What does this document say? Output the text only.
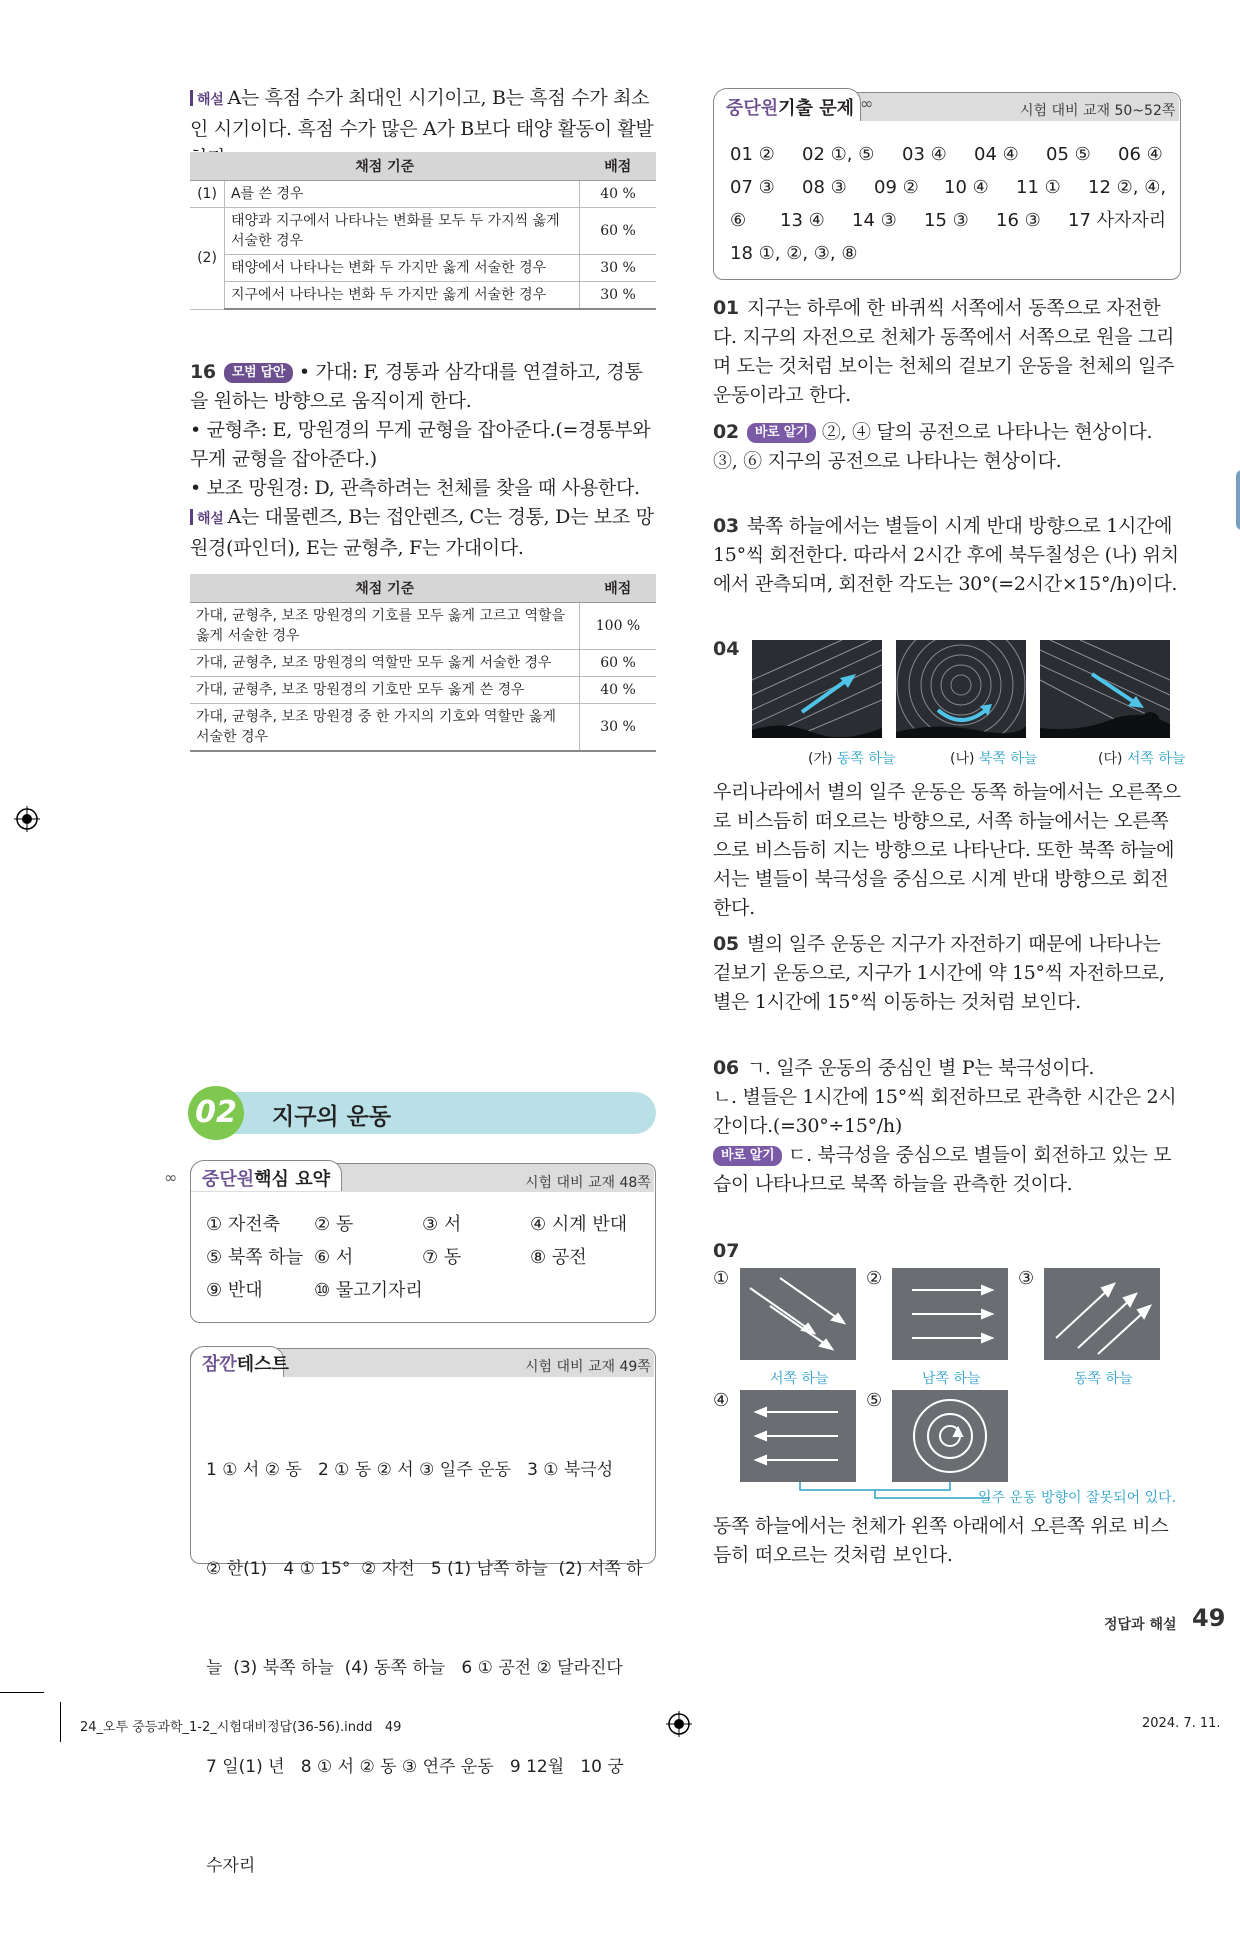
해설 A는 흑점 수가 최대인 시기이고, B는 흑점 수가 최소인 시기이다. 흑점 수가 많은 A가 B보다 태양 활동이 활발
채점 기준		배점
(1)	A를 쓴 경우	40 %
(2)	태양과 지구에서 나타나는 변화를 모두 두 가지씩 옳게 서술한 경우	60 %
	태양에서 나타나는 변화 두 가지만 옳게 서술한 경우	30 %
	지구에서 나타나는 변화 두 가지만 옳게 서술한 경우	30 %
16 모범 답안 • 가대: F, 경통과 삼각대를 연결하고, 경통을 원하는 방향으로 움직이게 한다.
• 균형추: E, 망원경의 무게 균형을 잡아준다.(=경통부와 무게 균형을 잡아준다.)
• 보조 망원경: D, 관측하려는 천체를 찾을 때 사용한다.
해설 A는 대물렌즈, B는 접안렌즈, C는 경통, D는 보조 망원경(파인더), E는 균형추, F는 가대이다.
채점 기준	배점
가대, 균형추, 보조 망원경의 기호를 모두 옳게 고르고 역할을 옳게 서술한 경우	100 %
가대, 균형추, 보조 망원경의 역할만 모두 옳게 서술한 경우	60 %
가대, 균형추, 보조 망원경의 기호만 모두 옳게 쓴 경우	40 %
가대, 균형추, 보조 망원경 중 한 가지의 기호와 역할만 옳게 서술한 경우	30 %
02	지구의 운동
중단원핵심 요약
∞	시험 대비 교재 48쪽
① 자전축 ② 동	③ 서	④ 시계 반대
⑤ 북쪽 하늘 ⑥ 서	⑦ 동	⑧ 공전
⑨ 반대	⑩ 물고기자리
잠깐테스트	시험 대비 교재 49쪽

1 ① 서 ② 동   2 ① 동 ② 서 ③ 일주 운동   3 ① 북극성

② 한(1)   4 ① 15°  ② 자전   5 (1) 남쪽 하늘  (2) 서쪽 하

늘  (3) 북쪽 하늘  (4) 동쪽 하늘   6 ① 공전 ② 달라진다

7 일(1) 년   8 ① 서 ② 동 ③ 연주 운동   9 12월   10 궁

수자리

중단원기출 문제 ∞	시험 대비 교재 50~52쪽
01 ② 02 ①, ⑤ 03 ④ 04 ④ 05 ⑤ 06 ④
07 ③ 08 ③ 09 ② 10 ④ 11 ① 12 ②, ④,
⑥ 13 ④ 14 ③ 15 ③ 16 ③ 17 사자자리
18 ①, ②, ③, ⑧
01 지구는 하루에 한 바퀴씩 서쪽에서 동쪽으로 자전한다. 지구의 자전으로 천체가 동쪽에서 서쪽으로 원을 그리며 도는 것처럼 보이는 천체의 겉보기 운동을 천체의 일주 운동이라고 한다.
02 바로 알기 ②, ④ 달의 공전으로 나타나는 현상이다.
③, ⑥ 지구의 공전으로 나타나는 현상이다.
03 북쪽 하늘에서는 별들이 시계 반대 방향으로 1시간에 15°씩 회전한다. 따라서 2시간 후에 북두칠성은 (나) 위치에서 관측되며, 회전한 각도는 30°(=2시간×15°/h)이다.
04
(가) 동쪽 하늘	(나) 북쪽 하늘	(다) 서쪽 하늘
우리나라에서 별의 일주 운동은 동쪽 하늘에서는 오른쪽으로 비스듬히 떠오르는 방향으로, 서쪽 하늘에서는 오른쪽으로 비스듬히 지는 방향으로 나타난다. 또한 북쪽 하늘에서는 별들이 북극성을 중심으로 시계 반대 방향으로 회전한다.
05 별의 일주 운동은 지구가 자전하기 때문에 나타나는 겉보기 운동으로, 지구가 1시간에 약 15°씩 자전하므로, 별은 1시간에 15°씩 이동하는 것처럼 보인다.
06 ㄱ. 일주 운동의 중심인 별 P는 북극성이다.
ㄴ. 별들은 1시간에 15°씩 회전하므로 관측한 시간은 2시간이다.(=30°÷15°/h)
바로 알기 ㄷ. 북극성을 중심으로 별들이 회전하고 있는 모습이 나타나므로 북쪽 하늘을 관측한 것이다.
07
①	②	③
서쪽 하늘	남쪽 하늘	동쪽 하늘
④	⑤
일주 운동 방향이 잘못되어 있다.
동쪽 하늘에서는 천체가 왼쪽 아래에서 오른쪽 위로 비스듬히 떠오르는 것처럼 보인다.
정답과 해설 49
24_오투 중등과학_1-2_시험대비정답(36-56).indd   49	2024. 7. 11.
